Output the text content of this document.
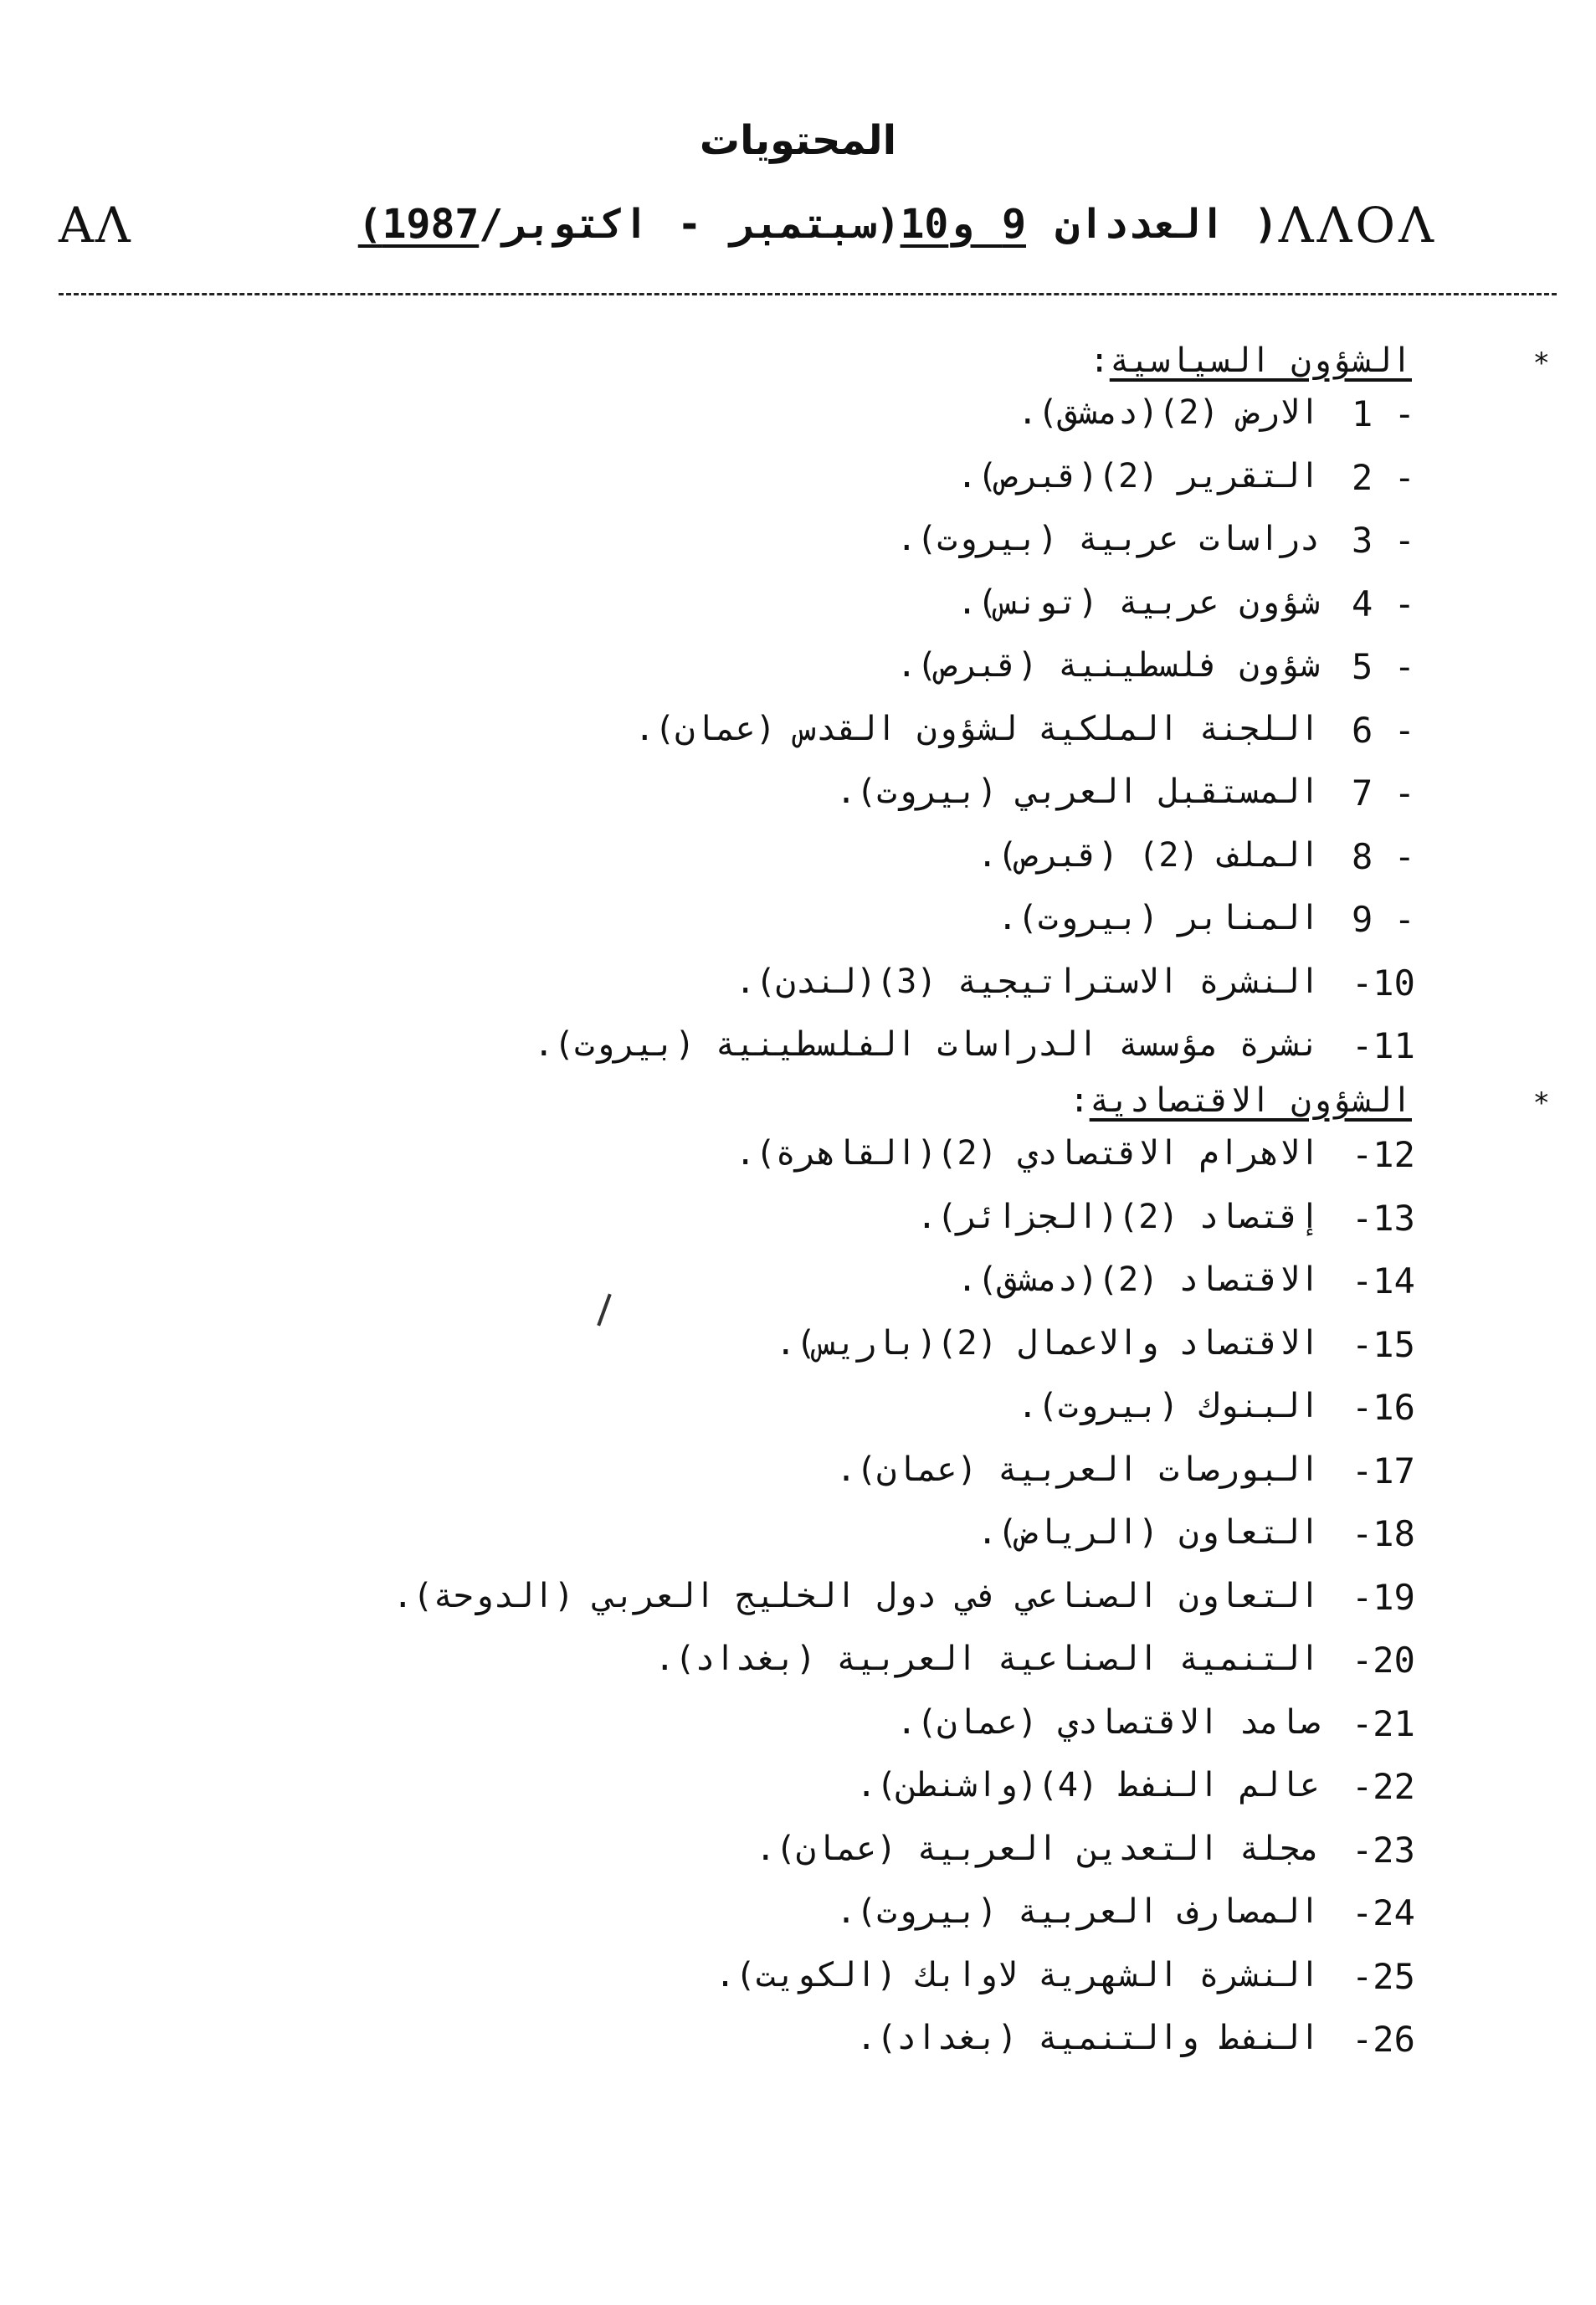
المحتويات
ΑΛ	ΛΛΟΛ
( العددان 9 و10(سبتمبر - اكتوبر/1987)
*
الشؤون السياسية:
1 -
الارض (2)(دمشق).
2 -
التقرير (2)(قبرص).
3 -
دراسات عربية (بيروت).
4 -
شؤون عربية (تونس).
5 -
شؤون فلسطينية (قبرص).
6 -
اللجنة الملكية لشؤون القدس (عمان).
7 -
المستقبل العربي (بيروت).
8 -
الملف (2) (قبرص).
9 -
المنابر (بيروت).
-10
النشرة الاستراتيجية (3)(لندن).
-11
نشرة مؤسسة الدراسات الفلسطينية (بيروت).
*
الشؤون الاقتصادية:
-12
الاهرام الاقتصادي (2)(القاهرة).
-13
إقتصاد (2)(الجزائر).
-14
الاقتصاد (2)(دمشق).
-15
الاقتصاد والاعمال (2)(باريس).
-16
البنوك (بيروت).
-17
البورصات العربية (عمان).
-18
التعاون (الرياض).
-19
التعاون الصناعي في دول الخليج العربي (الدوحة).
-20
التنمية الصناعية العربية (بغداد).
-21
صامد الاقتصادي (عمان).
-22
عالم النفط (4)(واشنطن).
-23
مجلة التعدين العربية (عمان).
-24
المصارف العربية (بيروت).
-25
النشرة الشهرية لاوابك (الكويت).
-26
النفط والتنمية (بغداد).
